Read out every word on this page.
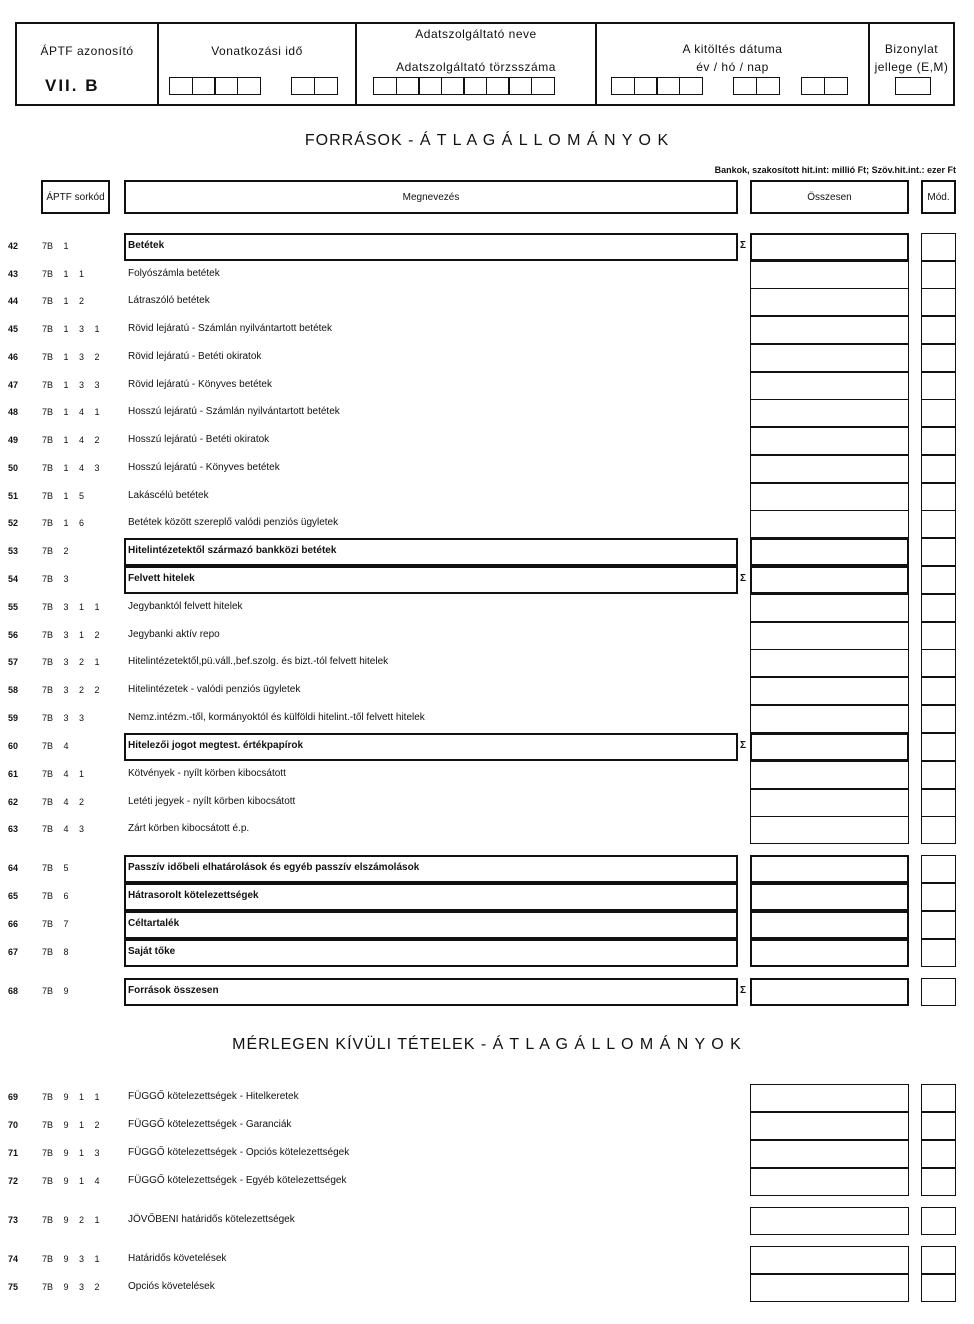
ÁPTF azonosító
VII. B
Vonatkozási idő
Adatszolgáltató neve
Adatszolgáltató törzsszáma
A kitöltés dátuma
év / hó / nap
Bizonylat
jellege (E,M)
FORRÁSOK - Á T L A G Á L L O M Á N Y O K
Bankok, szakosított hit.int: millió Ft; Szöv.hit.int.: ezer Ft
ÁPTF sorkód	Megnevezés	Összesen	Mód.
MÉRLEGEN KÍVÜLI TÉTELEK - Á T L A G Á L L O M Á N Y O K
42	7B 1	Betétek	Σ
43	7B 1 1	Folyószámla betétek
44	7B 1 2	Látraszóló betétek
45	7B 1 3 1	Rövid lejáratú - Számlán nyilvántartott betétek
46	7B 1 3 2	Rövid lejáratú - Betéti okiratok
47	7B 1 3 3	Rövid lejáratú - Könyves betétek
48	7B 1 4 1	Hosszú lejáratú - Számlán nyilvántartott betétek
49	7B 1 4 2	Hosszú lejáratú - Betéti okiratok
50	7B 1 4 3	Hosszú lejáratú - Könyves betétek
51	7B 1 5	Lakáscélú betétek
52	7B 1 6	Betétek között szereplő valódi penziós ügyletek
53	7B 2	Hitelintézetektől származó bankközi betétek
54	7B 3	Felvett hitelek	Σ
55	7B 3 1 1	Jegybanktól felvett hitelek
56	7B 3 1 2	Jegybanki aktív repo
57	7B 3 2 1	Hitelintézetektől,pü.váll.,bef.szolg. és bizt.-tól felvett hitelek
58	7B 3 2 2	Hitelintézetek - valódi penziós ügyletek
59	7B 3 3	Nemz.intézm.-től, kormányoktól és külföldi hitelint.-től felvett hitelek
60	7B 4	Hitelezői jogot megtest. értékpapírok	Σ
61	7B 4 1	Kötvények - nyílt körben kibocsátott
62	7B 4 2	Letéti jegyek - nyílt körben kibocsátott
63	7B 4 3	Zárt körben kibocsátott é.p.
64	7B 5	Passzív időbeli elhatárolások és egyéb passzív elszámolások
65	7B 6	Hátrasorolt kötelezettségek
66	7B 7	Céltartalék
67	7B 8	Saját tőke
68	7B 9	Források összesen	Σ
69	7B 9 1 1	FÜGGŐ kötelezettségek - Hitelkeretek
70	7B 9 1 2	FÜGGŐ kötelezettségek - Garanciák
71	7B 9 1 3	FÜGGŐ kötelezettségek - Opciós kötelezettségek
72	7B 9 1 4	FÜGGŐ kötelezettségek - Egyéb kötelezettségek
73	7B 9 2 1	JÖVŐBENI határidős kötelezettségek
74	7B 9 3 1	Határidős követelések
75	7B 9 3 2	Opciós követelések
